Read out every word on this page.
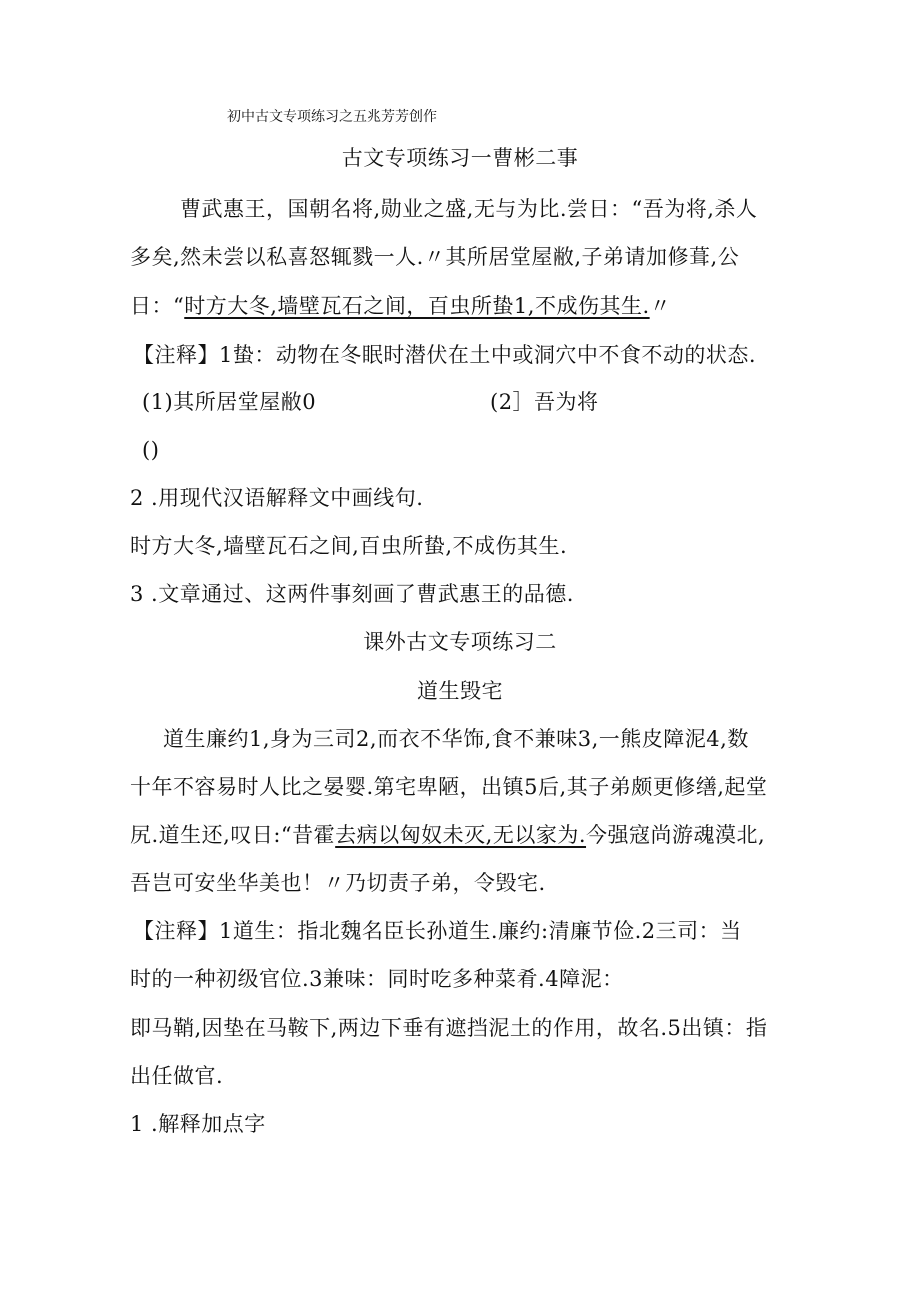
初中古文专项练习之五兆芳芳创作
古文专项练习一曹彬二事
曹武惠王，国朝名将,勋业之盛,无与为比.尝日：“吾为将,杀人
多矣,然未尝以私喜怒辄戮一人.〃其所居堂屋敝,子弟请加修葺,公
日：“时方大冬,墙壁瓦石之间，百虫所蛰1,不成伤其生.〃
【注释】1蛰：动物在冬眠时潜伏在土中或洞穴中不食不动的状态.
(1)其所居堂屋敝0	(2］吾为将
()
2 .用现代汉语解释文中画线句.
时方大冬,墙壁瓦石之间,百虫所蛰,不成伤其生.
3 .文章通过、这两件事刻画了曹武惠王的品德.
课外古文专项练习二
道生毁宅
道生廉约1,身为三司2,而衣不华饰,食不兼味3,一熊皮障泥4,数
十年不容易时人比之晏婴.第宅卑陋，出镇5后,其子弟颇更修缮,起堂
尻.道生还,叹日:“昔霍去病以匈奴未灭,无以家为.今强寇尚游魂漠北,
吾岂可安坐华美也！〃乃切责子弟，令毁宅.
【注释】1道生：指北魏名臣长孙道生.廉约:清廉节俭.2三司：当
时的一种初级官位.3兼味：同时吃多种菜肴.4障泥：
即马鞘,因垫在马鞍下,两边下垂有遮挡泥土的作用，故名.5出镇：指
出任做官.
1 .解释加点字
